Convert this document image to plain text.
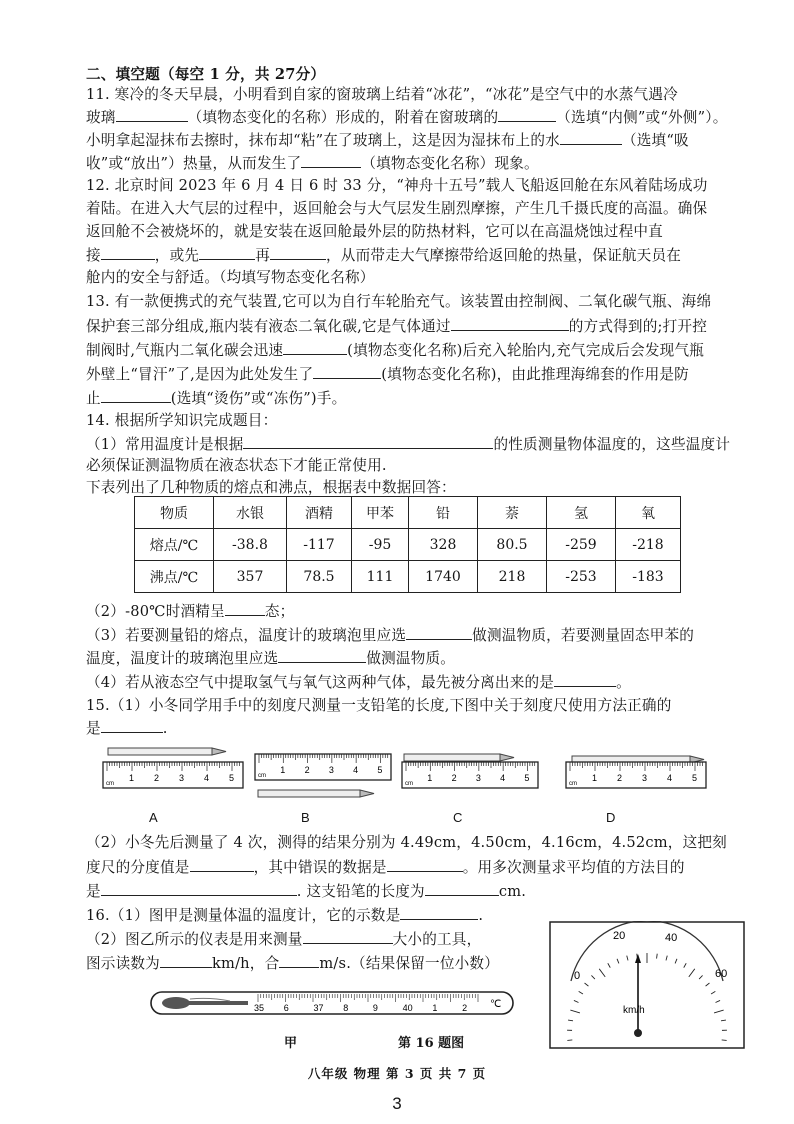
二、填空题（每空 1 分，共 27分）
11. 寒冷的冬天早晨，小明看到自家的窗玻璃上结着“冰花”，“冰花”是空气中的水蒸气遇冷
玻璃	（填物态变化的名称）形成的，附着在窗玻璃的	（选填“内侧”或“外侧”）。
小明拿起湿抹布去擦时，抹布却“粘”在了玻璃上，这是因为湿抹布上的水	（选填“吸
收”或“放出”）热量，从而发生了	（填物态变化名称）现象。
12. 北京时间 2023 年 6 月 4 日 6 时 33 分，“神舟十五号”载人飞船返回舱在东风着陆场成功
着陆。在进入大气层的过程中，返回舱会与大气层发生剧烈摩擦，产生几千摄氏度的高温。确保
返回舱不会被烧坏的，就是安装在返回舱最外层的防热材料，它可以在高温烧蚀过程中直
接	，或先	再	，从而带走大气摩擦带给返回舱的热量，保证航天员在
舱内的安全与舒适。（均填写物态变化名称）
13. 有一款便携式的充气装置,它可以为自行车轮胎充气。该装置由控制阀、二氧化碳气瓶、海绵
保护套三部分组成,瓶内装有液态二氧化碳,它是气体通过	的方式得到的;打开控
制阀时,气瓶内二氧化碳会迅速	(填物态变化名称)后充入轮胎内,充气完成后会发现气瓶
外壁上“冒汗”了,是因为此处发生了	(填物态变化名称)，由此推理海绵套的作用是防
止	(选填“烫伤”或“冻伤”)手。
14. 根据所学知识完成题目：
（1）常用温度计是根据	的性质测量物体温度的，这些温度计
必须保证测温物质在液态状态下才能正常使用.
下表列出了几种物质的熔点和沸点，根据表中数据回答：
物质	水银	酒精	甲苯	铅	萘	氢	氧
熔点/℃	-38.8	-117	-95	328	80.5	-259	-218
沸点/℃	357	78.5	111	1740	218	-253	-183
（2）-80℃时酒精呈	态；
（3）若要测量铅的熔点，温度计的玻璃泡里应选	做测温物质，若要测量固态甲苯的
温度，温度计的玻璃泡里应选	做测温物质。
（4）若从液态空气中提取氢气与氧气这两种气体，最先被分离出来的是	。
15.（1）小冬同学用手中的刻度尺测量一支铅笔的长度,下图中关于刻度尺使用方法正确的
是	.
1 2 3 4 5
cm
1 2 3 4 5
cm	1 2 3 4 5
cm
1 2 3 4 5
cm
A	B	C	D
（2）小冬先后测量了 4 次，测得的结果分别为 4.49cm，4.50cm，4.16cm，4.52cm，这把刻
度尺的分度值是	，其中错误的数据是	。用多次测量求平均值的方法目的
是	. 这支铅笔的长度为	cm.
16.（1）图甲是测量体温的温度计，它的示数是	.
（2）图乙所示的仪表是用来测量	大小的工具，
图示读数为	km/h，合	m/s.（结果保留一位小数）
35 6	37 8	9	40 1	2 ℃
甲	第 16 题图
km/h
0
20	40
60
八年级 物理 第 3 页 共 7 页
3
